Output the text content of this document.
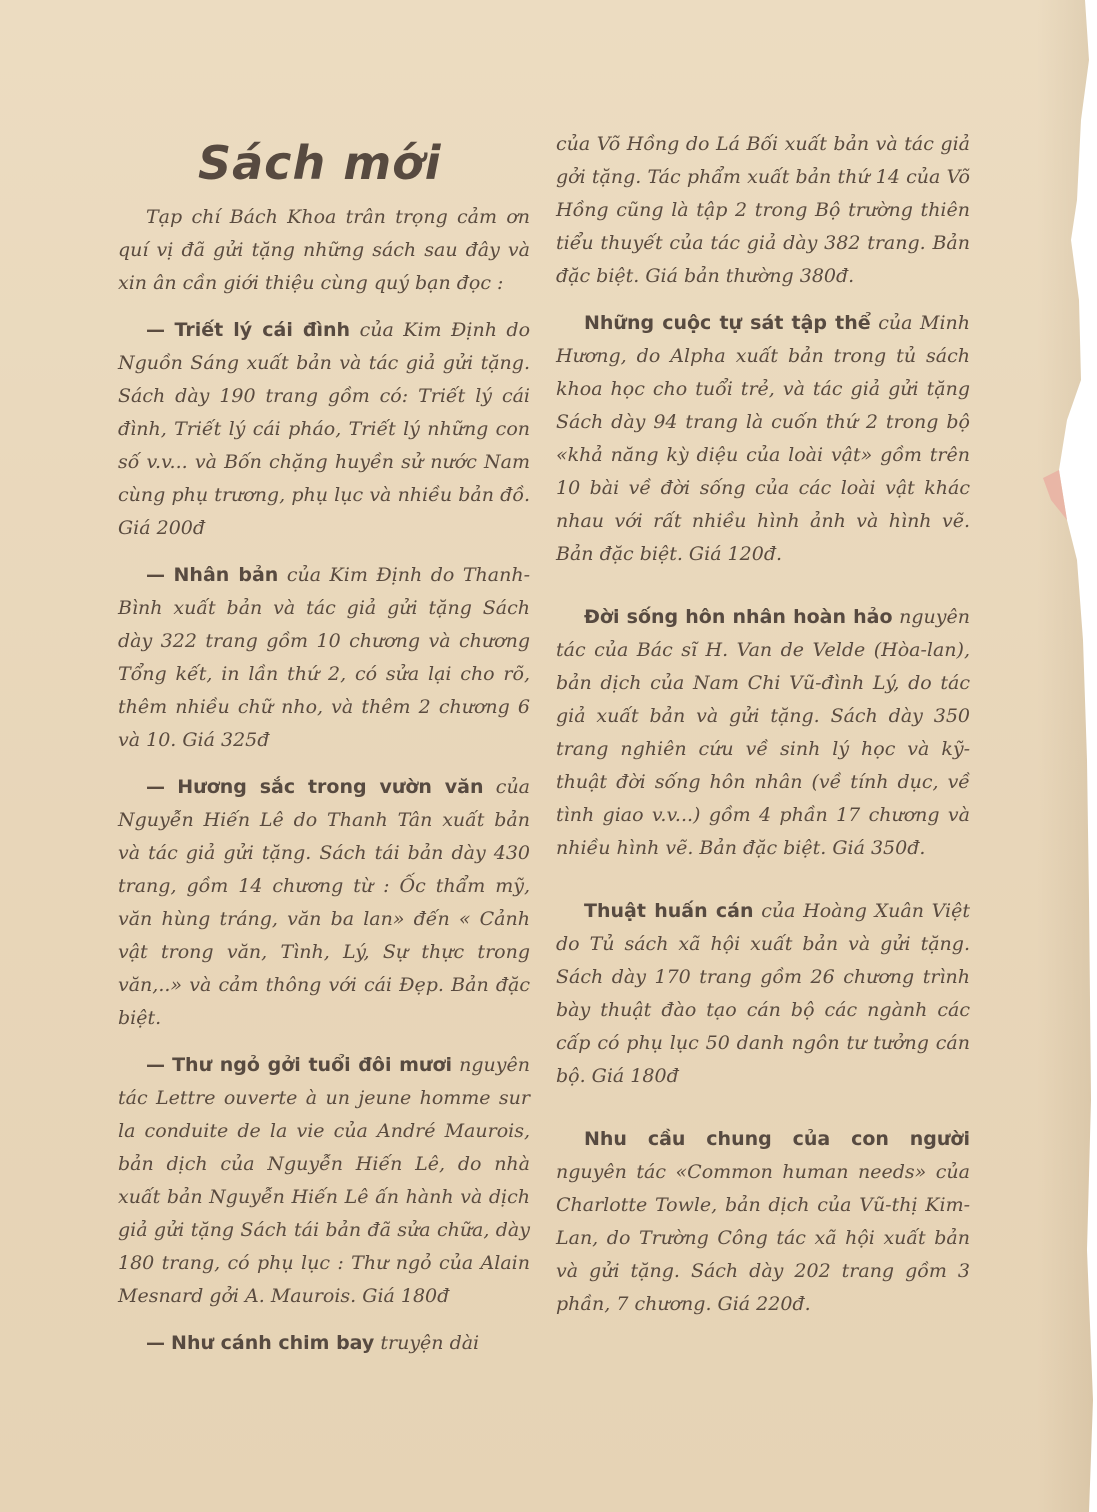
Sách mới

Tạp chí Bách Khoa trân trọng cảm ơn quí vị đã gửi tặng những sách sau đây và xin ân cần giới thiệu cùng quý bạn đọc :

— Triết lý cái đình của Kim Định do Nguồn Sáng xuất bản và tác giả gửi tặng. Sách dày 190 trang gồm có: Triết lý cái đình, Triết lý cái pháo, Triết lý những con số v.v... và Bốn chặng huyền sử nước Nam cùng phụ trương, phụ lục và nhiều bản đồ. Giá 200đ

— Nhân bản của Kim Định do Thanh-Bình xuất bản và tác giả gửi tặng Sách dày 322 trang gồm 10 chương và chương Tổng kết, in lần thứ 2, có sửa lại cho rõ, thêm nhiều chữ nho, và thêm 2 chương 6 và 10. Giá 325đ

— Hương sắc trong vườn văn của Nguyễn Hiến Lê do Thanh Tân xuất bản và tác giả gửi tặng. Sách tái bản dày 430 trang, gồm 14 chương từ : Ốc thẩm mỹ, văn hùng tráng, văn ba lan» đến « Cảnh vật trong văn, Tình, Lý, Sự thực trong văn,..» và cảm thông với cái Đẹp. Bản đặc biệt.

— Thư ngỏ gởi tuổi đôi mươi nguyên tác Lettre ouverte à un jeune homme sur la conduite de la vie của André Maurois, bản dịch của Nguyễn Hiến Lê, do nhà xuất bản Nguyễn Hiến Lê ấn hành và dịch giả gửi tặng Sách tái bản đã sửa chữa, dày 180 trang, có phụ lục : Thư ngỏ của Alain Mesnard gởi A. Maurois. Giá 180đ

— Như cánh chim bay truyện dài

của Võ Hồng do Lá Bối xuất bản và tác giả gởi tặng. Tác phẩm xuất bản thứ 14 của Võ Hồng cũng là tập 2 trong Bộ trường thiên tiểu thuyết của tác giả dày 382 trang. Bản đặc biệt. Giá bản thường 380đ.

Những cuộc tự sát tập thể của Minh Hương, do Alpha xuất bản trong tủ sách khoa học cho tuổi trẻ, và tác giả gửi tặng Sách dày 94 trang là cuốn thứ 2 trong bộ «khả năng kỳ diệu của loài vật» gồm trên 10 bài về đời sống của các loài vật khác nhau với rất nhiều hình ảnh và hình vẽ. Bản đặc biệt. Giá 120đ.

Đời sống hôn nhân hoàn hảo nguyên tác của Bác sĩ H. Van de Velde (Hòa-lan), bản dịch của Nam Chi Vũ-đình Lý, do tác giả xuất bản và gửi tặng. Sách dày 350 trang nghiên cứu về sinh lý học và kỹ-thuật đời sống hôn nhân (về tính dục, về tình giao v.v...) gồm 4 phần 17 chương và nhiều hình vẽ. Bản đặc biệt. Giá 350đ.

Thuật huấn cán của Hoàng Xuân Việt do Tủ sách xã hội xuất bản và gửi tặng. Sách dày 170 trang gồm 26 chương trình bày thuật đào tạo cán bộ các ngành các cấp có phụ lục 50 danh ngôn tư tưởng cán bộ. Giá 180đ

Nhu cầu chung của con người nguyên tác «Common human needs» của Charlotte Towle, bản dịch của Vũ-thị Kim-Lan, do Trường Công tác xã hội xuất bản và gửi tặng. Sách dày 202 trang gồm 3 phần, 7 chương. Giá 220đ.
